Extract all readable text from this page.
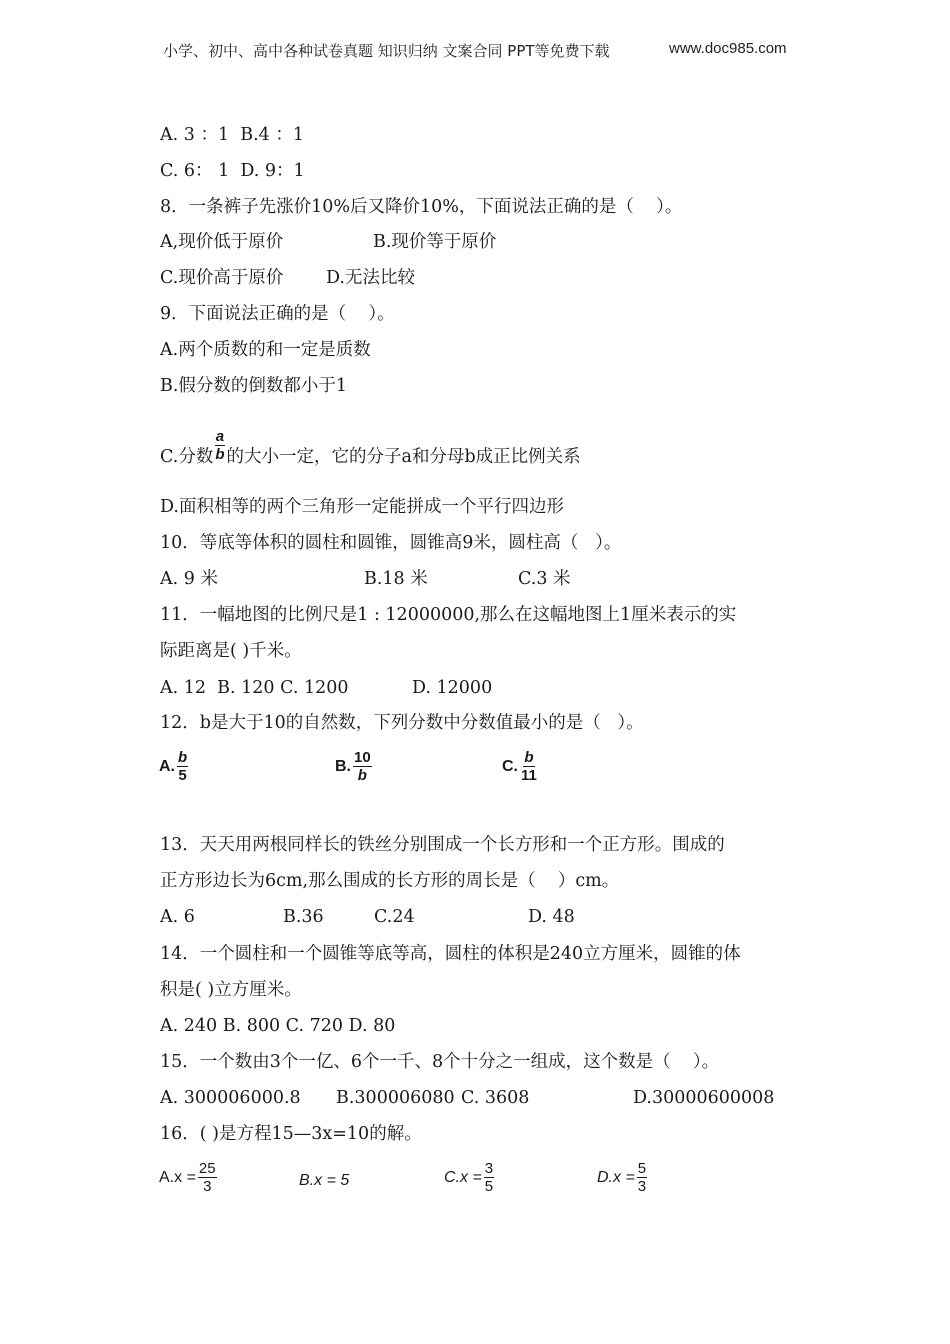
小学、初中、高中各种试卷真题 知识归纳 文案合同 PPT等免费下载	www.doc985.com
A. 3 ：1  B.4 ：1
C. 6： 1  D. 9：1
8．一条裤子先涨价10%后又降价10%，下面说法正确的是（    ）。
A,现价低于原价	B.现价等于原价
C.现价高于原价 D.无法比较
9．下面说法正确的是（    ）。
A.两个质数的和一定是质数
B.假分数的倒数都小于1
C.分数 $\frac{a}{b}$ 的大小一定，它的分子a和分母b成正比例关系
D.面积相等的两个三角形一定能拼成一个平行四边形
10．等底等体积的圆柱和圆锥，圆锥高9米，圆柱高（   ）。
A. 9 米	B.18 米	C.3 米
11．一幅地图的比例尺是1 : 12000000,那么在这幅地图上1厘米表示的实
际距离是( )千米。
A. 12  B. 120 C. 1200	D. 12000
12．b是大于10的自然数，下列分数中分数值最小的是（   ）。
A. $\frac{b}{5}$	B. $\frac{10}{b}$	C. $\frac{b}{11}$
13．天天用两根同样长的铁丝分别围成一个长方形和一个正方形。围成的
正方形边长为6cm,那么围成的长方形的周长是（    ）cm。
A. 6	B.36	C.24	D. 48
14．一个圆柱和一个圆锥等底等高，圆柱的体积是240立方厘米，圆锥的体
积是( )立方厘米。
A. 240 B. 800 C. 720 D. 80
15．一个数由3个一亿、6个一千、8个十分之一组成，这个数是（    ）。
A. 300006000.8 B.300006080 C. 3608	D.30000600008
16．( )是方程15—3x=10的解。
$A.x = \frac{25}{3}$	B.x = 5	$C.x = \frac{3}{5}$	$D.x = \frac{5}{3}$
